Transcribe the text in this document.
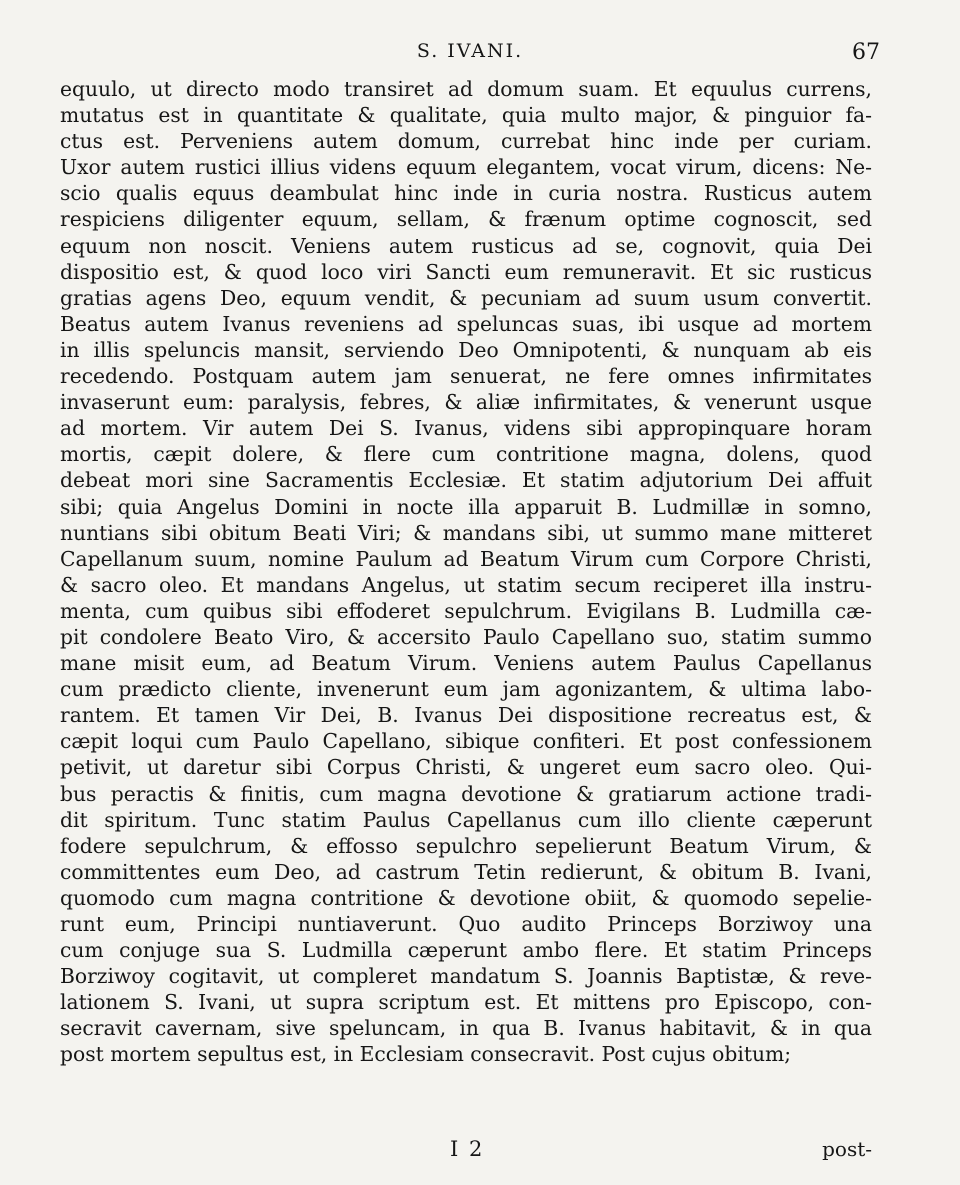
S. IVANI.	67
equulo, ut directo modo transiret ad domum suam. Et equulus currens,
mutatus est in quantitate & qualitate, quia multo major, & pinguior fa-
ctus est. Perveniens autem domum, currebat hinc inde per curiam.
Uxor autem rustici illius videns equum elegantem, vocat virum, dicens: Ne-
scio qualis equus deambulat hinc inde in curia nostra. Rusticus autem
respiciens diligenter equum, sellam, & frænum optime cognoscit, sed
equum non noscit. Veniens autem rusticus ad se, cognovit, quia Dei
dispositio est, & quod loco viri Sancti eum remuneravit. Et sic rusticus
gratias agens Deo, equum vendit, & pecuniam ad suum usum convertit.
Beatus autem Ivanus reveniens ad speluncas suas, ibi usque ad mortem
in illis speluncis mansit, serviendo Deo Omnipotenti, & nunquam ab eis
recedendo. Postquam autem jam senuerat, ne fere omnes infirmitates
invaserunt eum: paralysis, febres, & aliæ infirmitates, & venerunt usque
ad mortem. Vir autem Dei S. Ivanus, videns sibi appropinquare horam
mortis, cæpit dolere, & flere cum contritione magna, dolens, quod
debeat mori sine Sacramentis Ecclesiæ. Et statim adjutorium Dei affuit
sibi; quia Angelus Domini in nocte illa apparuit B. Ludmillæ in somno,
nuntians sibi obitum Beati Viri; & mandans sibi, ut summo mane mitteret
Capellanum suum, nomine Paulum ad Beatum Virum cum Corpore Christi,
& sacro oleo. Et mandans Angelus, ut statim secum reciperet illa instru-
menta, cum quibus sibi effoderet sepulchrum. Evigilans B. Ludmilla cæ-
pit condolere Beato Viro, & accersito Paulo Capellano suo, statim summo
mane misit eum, ad Beatum Virum. Veniens autem Paulus Capellanus
cum prædicto cliente, invenerunt eum jam agonizantem, & ultima labo-
rantem. Et tamen Vir Dei, B. Ivanus Dei dispositione recreatus est, &
cæpit loqui cum Paulo Capellano, sibique confiteri. Et post confessionem
petivit, ut daretur sibi Corpus Christi, & ungeret eum sacro oleo. Qui-
bus peractis & finitis, cum magna devotione & gratiarum actione tradi-
dit spiritum. Tunc statim Paulus Capellanus cum illo cliente cæperunt
fodere sepulchrum, & effosso sepulchro sepelierunt Beatum Virum, &
committentes eum Deo, ad castrum Tetin redierunt, & obitum B. Ivani,
quomodo cum magna contritione & devotione obiit, & quomodo sepelie-
runt eum, Principi nuntiaverunt. Quo audito Princeps Borziwoy una
cum conjuge sua S. Ludmilla cæperunt ambo flere. Et statim Princeps
Borziwoy cogitavit, ut compleret mandatum S. Joannis Baptistæ, & reve-
lationem S. Ivani, ut supra scriptum est. Et mittens pro Episcopo, con-
secravit cavernam, sive speluncam, in qua B. Ivanus habitavit, & in qua
post mortem sepultus est, in Ecclesiam consecravit. Post cujus obitum;
I 2	post-
